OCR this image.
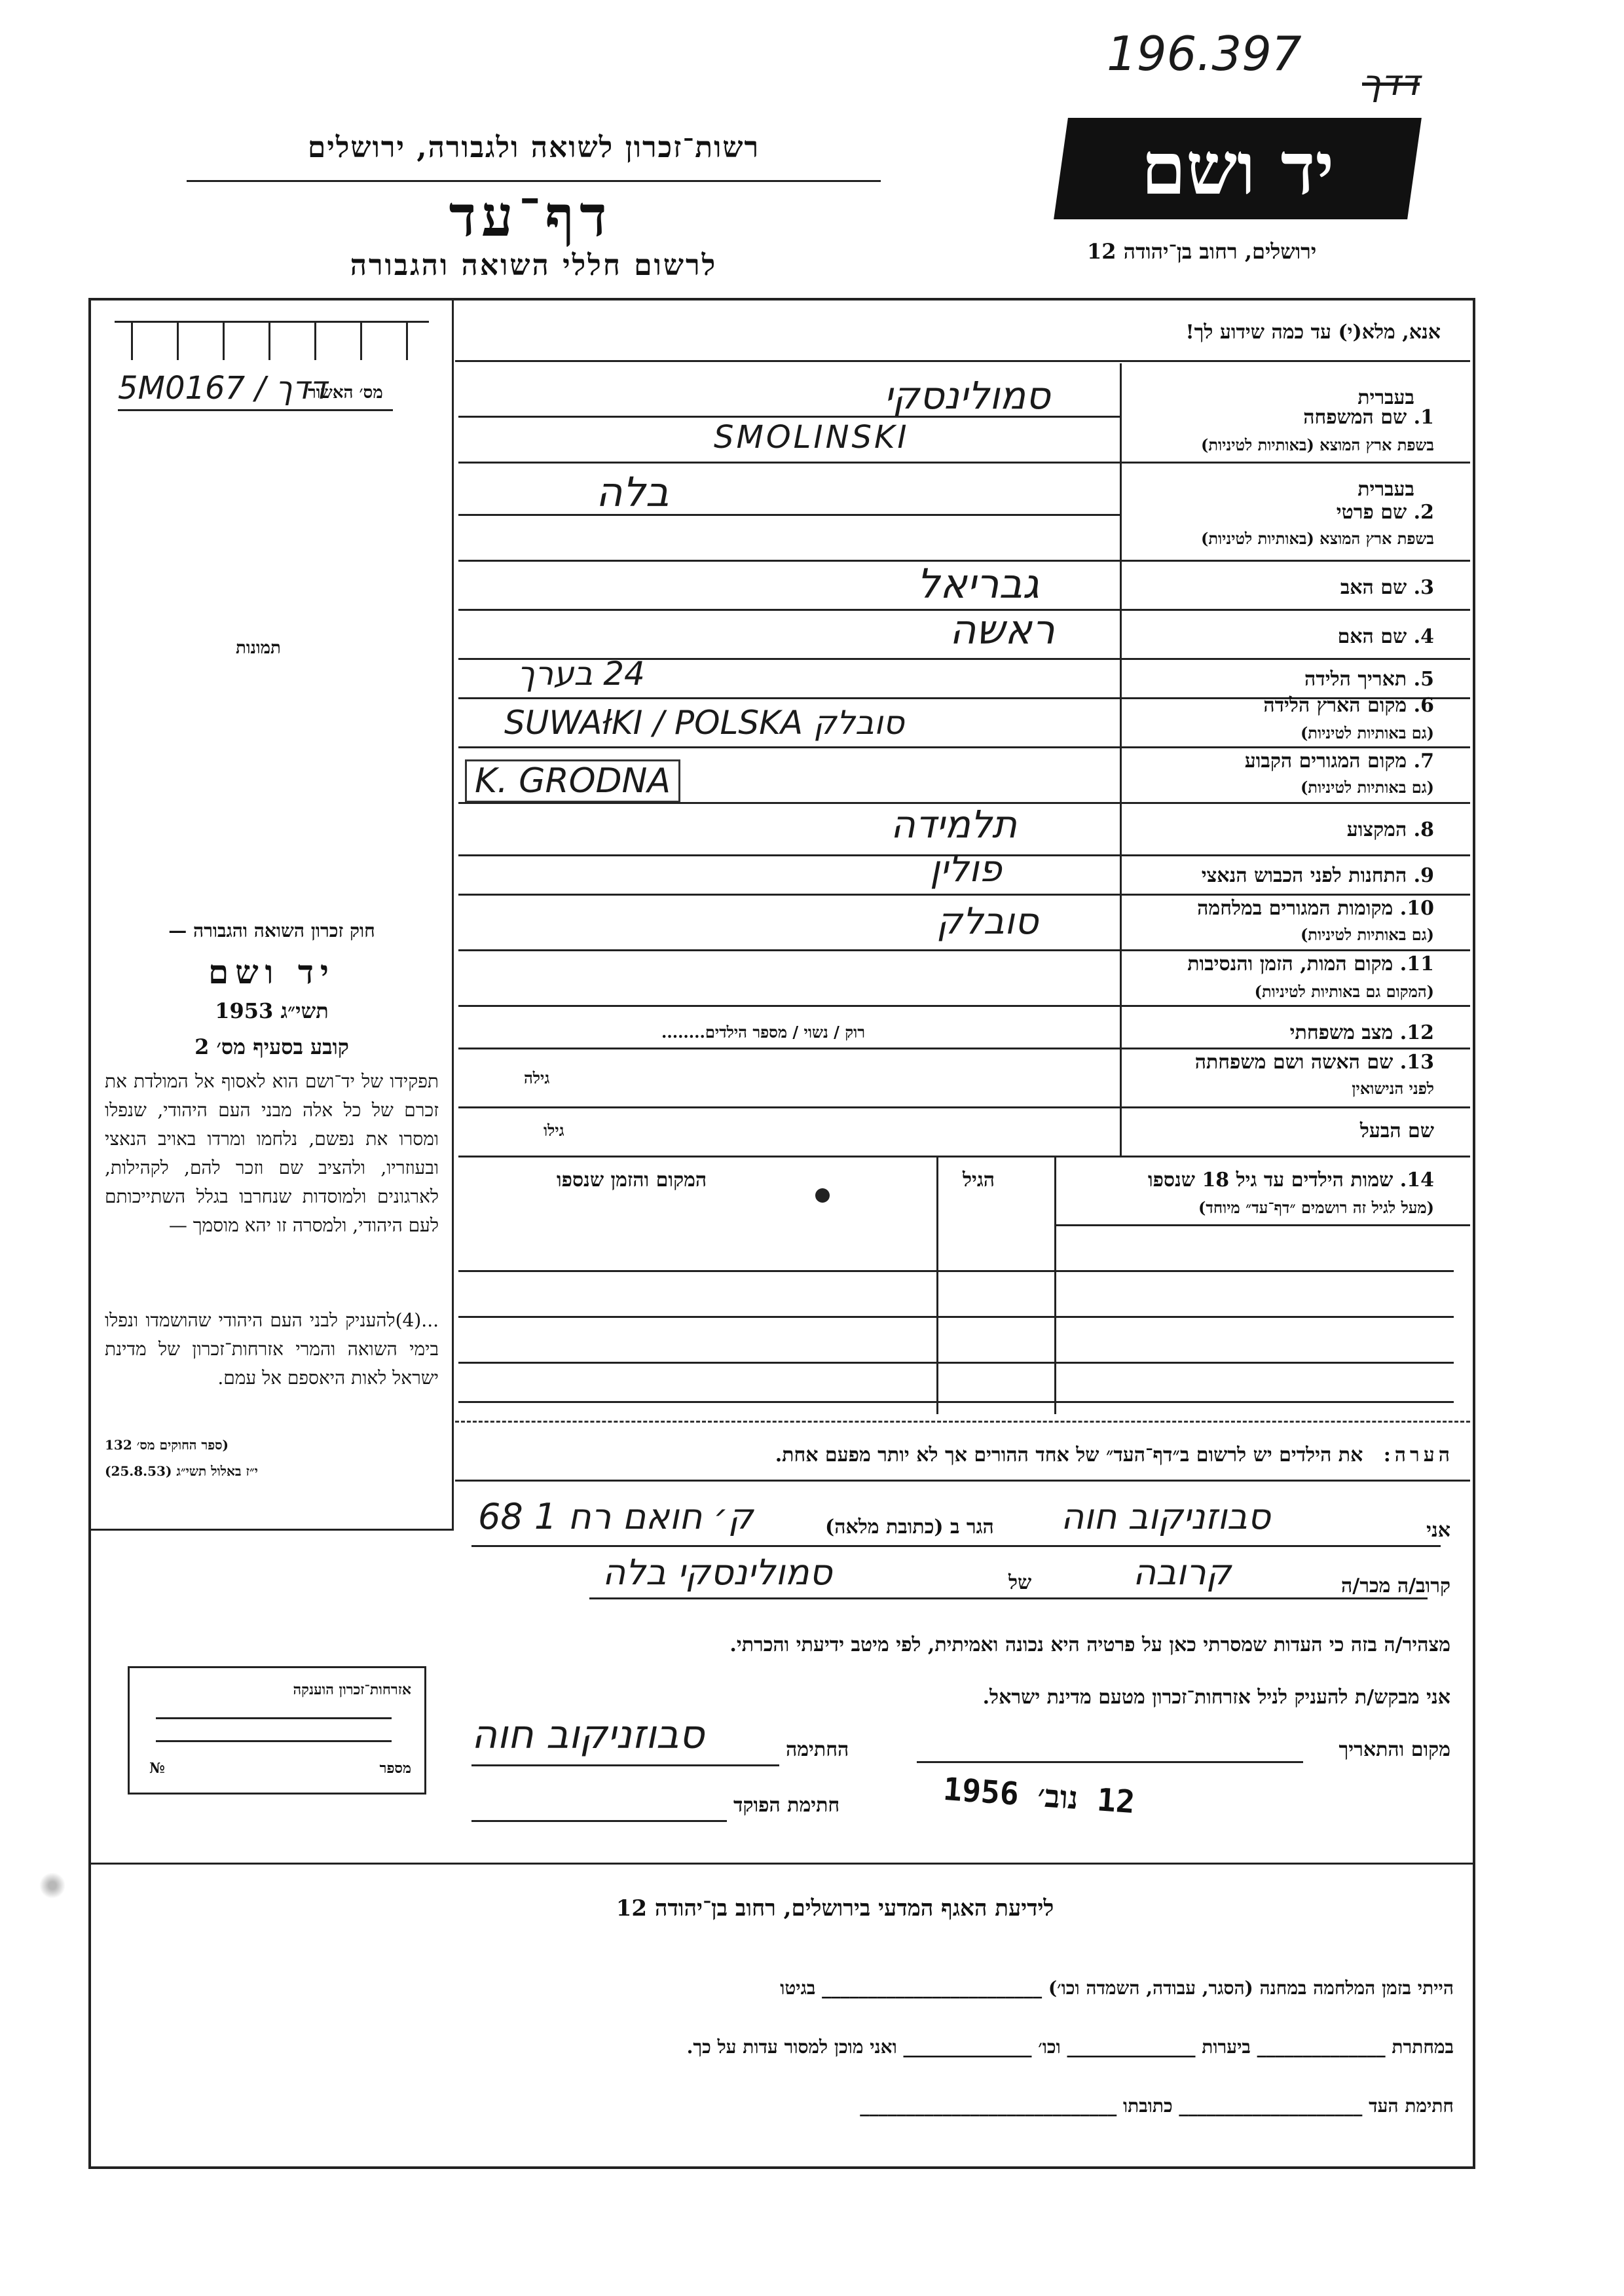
196.397
דדך
יד ושם
ירושלים, רחוב בן־יהודה 12
רשות־זכרון לשואה ולגבורה, ירושלים
דף־עד
לרשום חללי השואה והגבורה
אנא, מלא(י) עד כמה שידוע לך!
מס׳ האשור
5M0167 / דדך
תמונות
חוק זכרון השואה והגבורה —
יד ושם
תשי״ג 1953
קובע בסעיף מס׳ 2
תפקידו של יד־ושם הוא לאסוף אל המולדת את זכרם של כל אלה מבני העם היהודי, שנפלו ומסרו את נפשם, נלחמו ומרדו באויב הנאצי ובעוזריו, ולהציב שם וזכר להם, לקהילות, לארגונים ולמוסדות שנחרבו בגלל השתייכותם לעם היהודי, ולמסרה זו יהא מוסמך —
...(4)להעניק לבני העם היהודי שהושמדו ונפלו בימי השואה והמרי אזרחות־זכרון של מדינת ישראל לאות היאספם אל עמם.
(ספר החוקים מס׳ 132
י״ז באלול תשי״ג (25.8.53)
אזרחות־זכרון הוענקה
מספר
№
בעברית
1. שם המשפחה
בשפת ארץ המוצא (באותיות לטיניות)
סמולינסקי
SMOLINSKI
בעברית
2. שם פרטי
בשפת ארץ המוצא (באותיות לטיניות)
בלה
3. שם האב
גבריאל
4. שם האם
ראשה
5. תאריך הלידה
24 בערך
6. מקום הארץ הלידה
(גם באותיות לטיניות)
SUWAłKI / POLSKA סובלק
7. מקום המגורים הקבוע
(גם באותיות לטיניות)
K. GRODNA
8. המקצוע
תלמידה
9. התחנות לפני הכבוש הנאצי
פולין
10. מקומות המגורים במלחמה
(גם באותיות לטיניות)
סובלק
11. מקום המות, הזמן והנסיבות
(המקום גם באותיות לטיניות)
12. מצב משפחתי
רוק / נשוי / מספר הילדים........
13. שם האשה ושם משפחתה
לפני הנישואין
גילה
שם הבעל
גילו
14. שמות הילדים עד גיל 18 שנספו
(מעל לגיל זה רושמים ״דף־עד״ מיוחד)
הגיל
המקום והזמן שנספו
הערה:   את הילדים יש לרשום ב״דף־העד״ של אחד ההורים אך לא יותר מפעם אחת.
אני
סבוזניקוב חוה
הגר ב (כתובת מלאה)
ק׳ חואם רח 1 68
קרוב/ה מכר/ה
קרובה
של
סמולינסקי בלה
מצהיר/ה בזה כי העדות שמסרתי כאן על פרטיה היא נכונה ואמיתית, לפי מיטב ידיעתי והכרתי.
אני מבקש/ת להעניק לניל אזרחות־זכרון מטעם מדינת ישראל.
מקום והתאריך
החתימה
סבוזניקוב חוה
חתימת הפוקד	12 נוב׳ 1956
לידיעת האגף המדעי בירושלים, רחוב בן־יהודה 12
הייתי בזמן המלחמה במחנה (הסגר, עבודה, השמדה וכו׳) ________________________ בגיטו
במחתרת ______________ ביערות ______________ וכו׳ ______________ ואני מוכן למסור עדות על כך.
חתימת העד ____________________ כתובתו ____________________________
